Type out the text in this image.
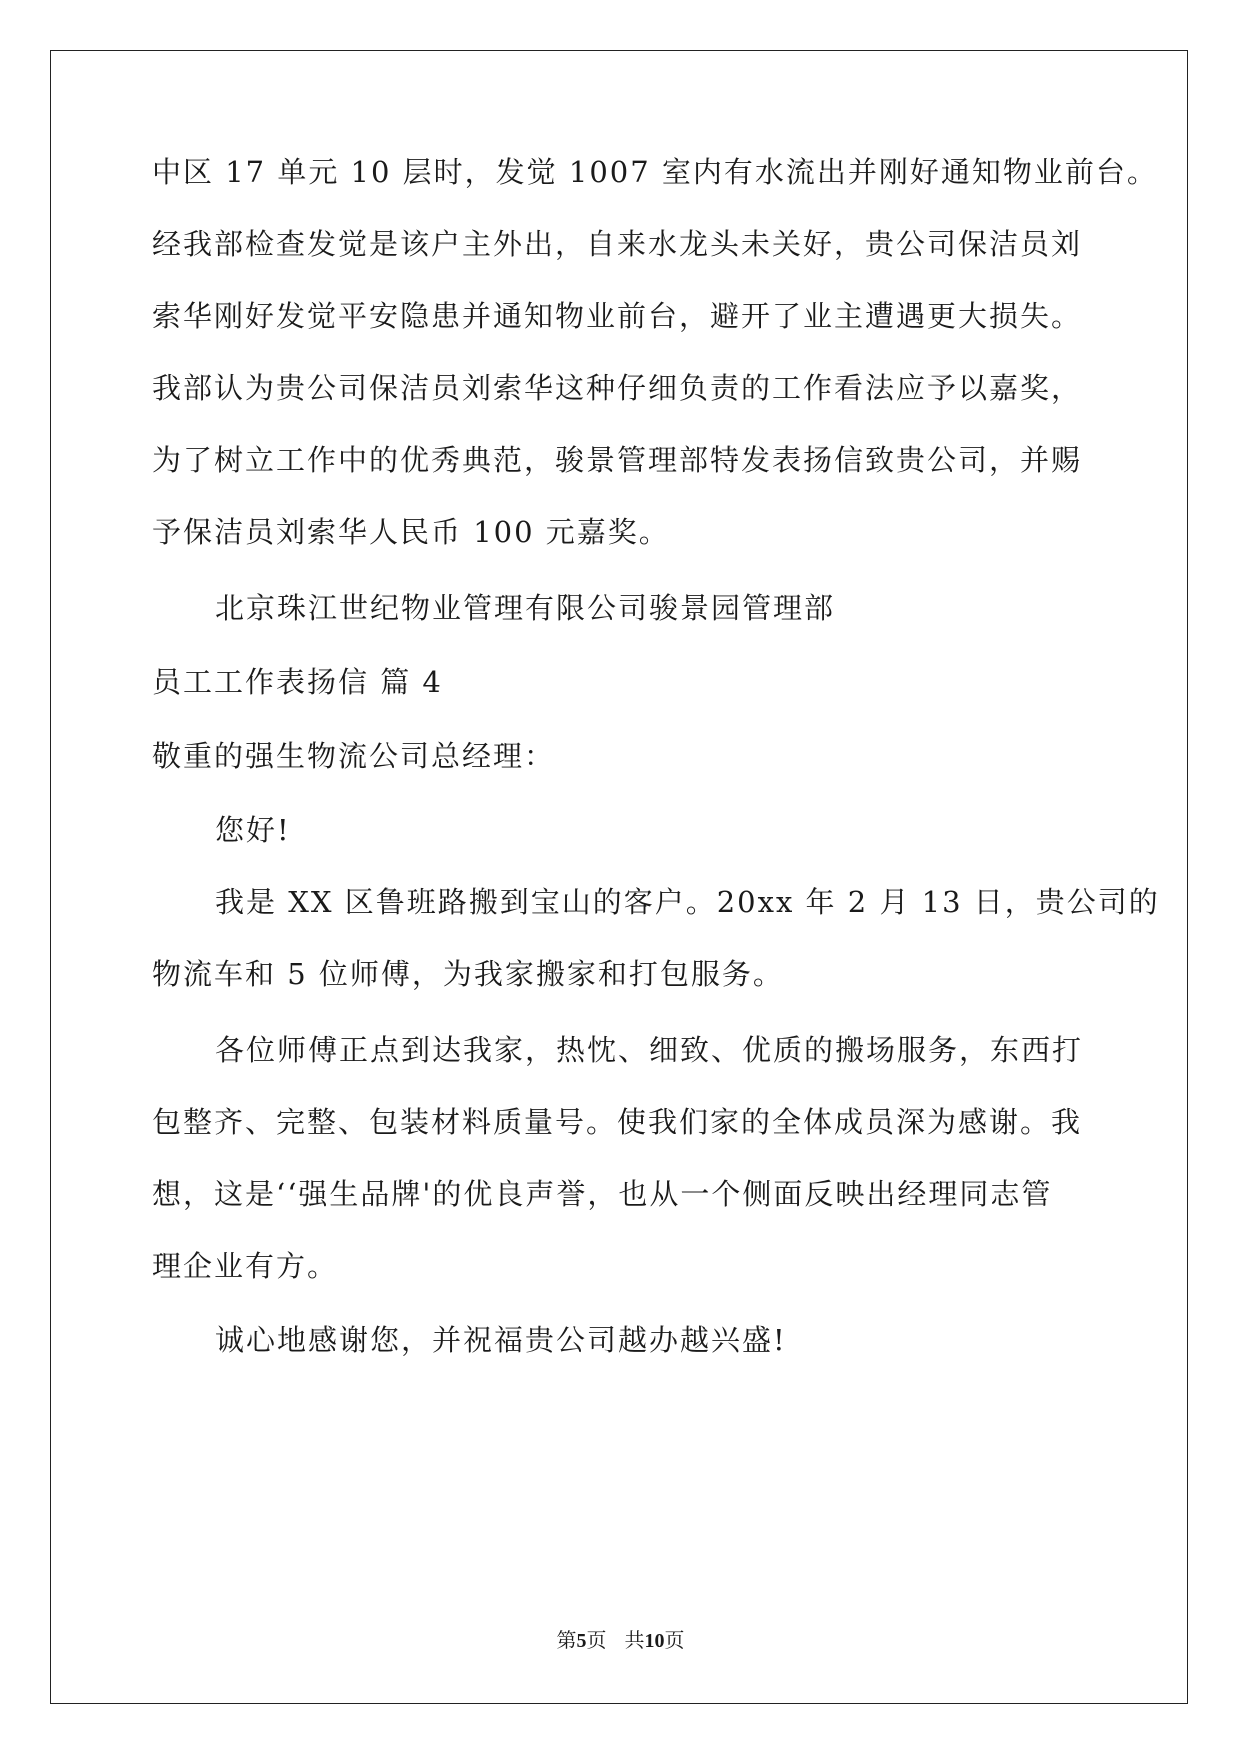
中区 17 单元 10 层时，发觉 1007 室内有水流出并刚好通知物业前台。
经我部检查发觉是该户主外出，自来水龙头未关好，贵公司保洁员刘
索华刚好发觉平安隐患并通知物业前台，避开了业主遭遇更大损失。
我部认为贵公司保洁员刘索华这种仔细负责的工作看法应予以嘉奖，
为了树立工作中的优秀典范，骏景管理部特发表扬信致贵公司，并赐
予保洁员刘索华人民币 100 元嘉奖。
北京珠江世纪物业管理有限公司骏景园管理部
员工工作表扬信 篇 4
敬重的强生物流公司总经理：
您好!
我是 XX 区鲁班路搬到宝山的客户。20xx 年 2 月 13 日，贵公司的
物流车和 5 位师傅，为我家搬家和打包服务。
各位师傅正点到达我家，热忱、细致、优质的搬场服务，东西打
包整齐、完整、包装材料质量号。使我们家的全体成员深为感谢。我
想，这是‘‘强生品牌'的优良声誉，也从一个侧面反映出经理同志管
理企业有方。
诚心地感谢您，并祝福贵公司越办越兴盛!
第5页 共10页
